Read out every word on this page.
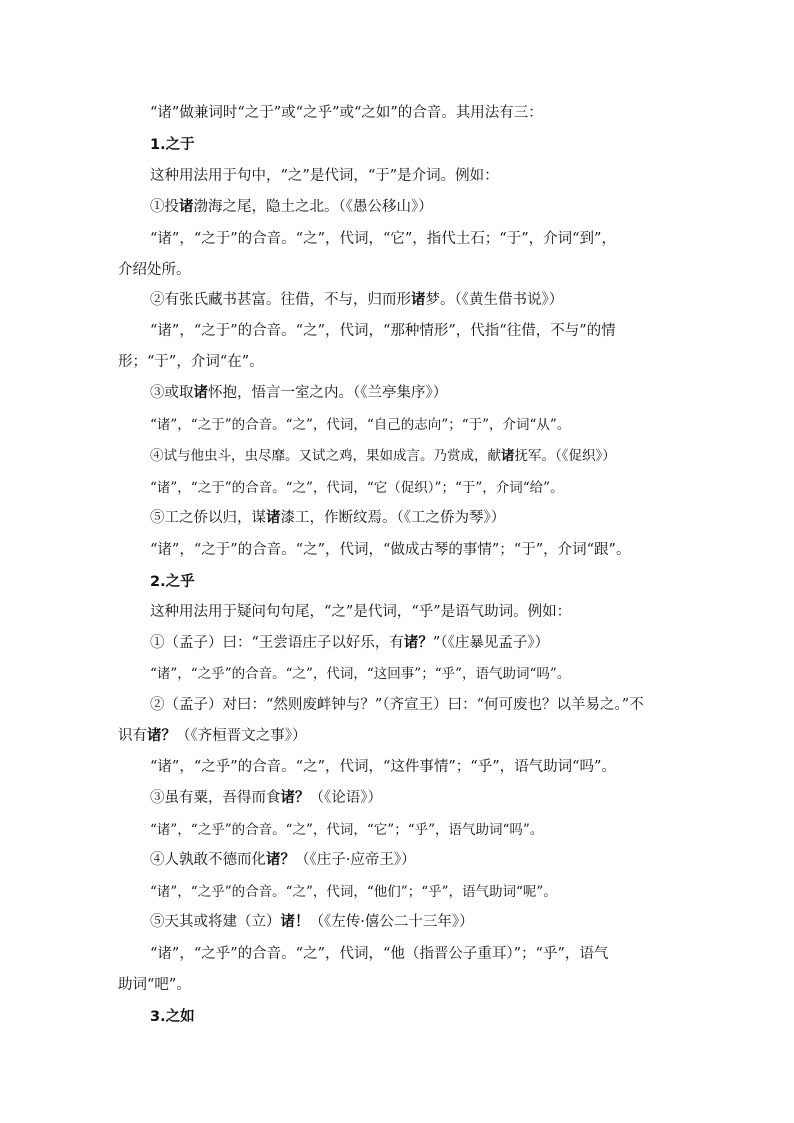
“诸”做兼词时“之于”或“之乎”或“之如”的合音。其用法有三：
1.之于
这种用法用于句中，“之”是代词，“于”是介词。例如：
①投诸渤海之尾，隐土之北。（《愚公移山》）
“诸”，“之于”的合音。“之”，代词，“它”，指代土石；“于”，介词“到”，
介绍处所。
②有张氏藏书甚富。往借，不与，归而形诸梦。（《黄生借书说》）
“诸”，“之于”的合音。“之”，代词，“那种情形”，代指“往借，不与”的情
形；“于”，介词“在”。
③或取诸怀抱，悟言一室之内。（《兰亭集序》）
“诸”，“之于”的合音。“之”，代词，“自己的志向”；“于”，介词“从”。
④试与他虫斗，虫尽靡。又试之鸡，果如成言。乃赏成，献诸抚军。（《促织》）
“诸”，“之于”的合音。“之”，代词，“它（促织）”；“于”，介词“给”。
⑤工之侨以归，谋诸漆工，作断纹焉。（《工之侨为琴》）
“诸”，“之于”的合音。“之”，代词，“做成古琴的事情”；“于”，介词“跟”。
2.之乎
这种用法用于疑问句句尾，“之”是代词，“乎”是语气助词。例如：
①（孟子）曰：“王尝语庄子以好乐，有诸？”（《庄暴见孟子》）
“诸”，“之乎”的合音。“之”，代词，“这回事”；“乎”，语气助词“吗”。
②（孟子）对曰：“然则废衅钟与？”（齐宣王）曰：“何可废也？以羊易之。”不
识有诸？（《齐桓晋文之事》）
“诸”，“之乎”的合音。“之”，代词，“这件事情”；“乎”，语气助词“吗”。
③虽有粟，吾得而食诸？（《论语》）
“诸”，“之乎”的合音。“之”，代词，“它”；“乎”，语气助词“吗”。
④人孰敢不德而化诸？（《庄子·应帝王》）
“诸”，“之乎”的合音。“之”，代词，“他们”；“乎”，语气助词“呢”。
⑤天其或将建（立）诸！（《左传·僖公二十三年》）
“诸”，“之乎”的合音。“之”，代词，“他（指晋公子重耳）”；“乎”，语气
助词“吧”。
3.之如
